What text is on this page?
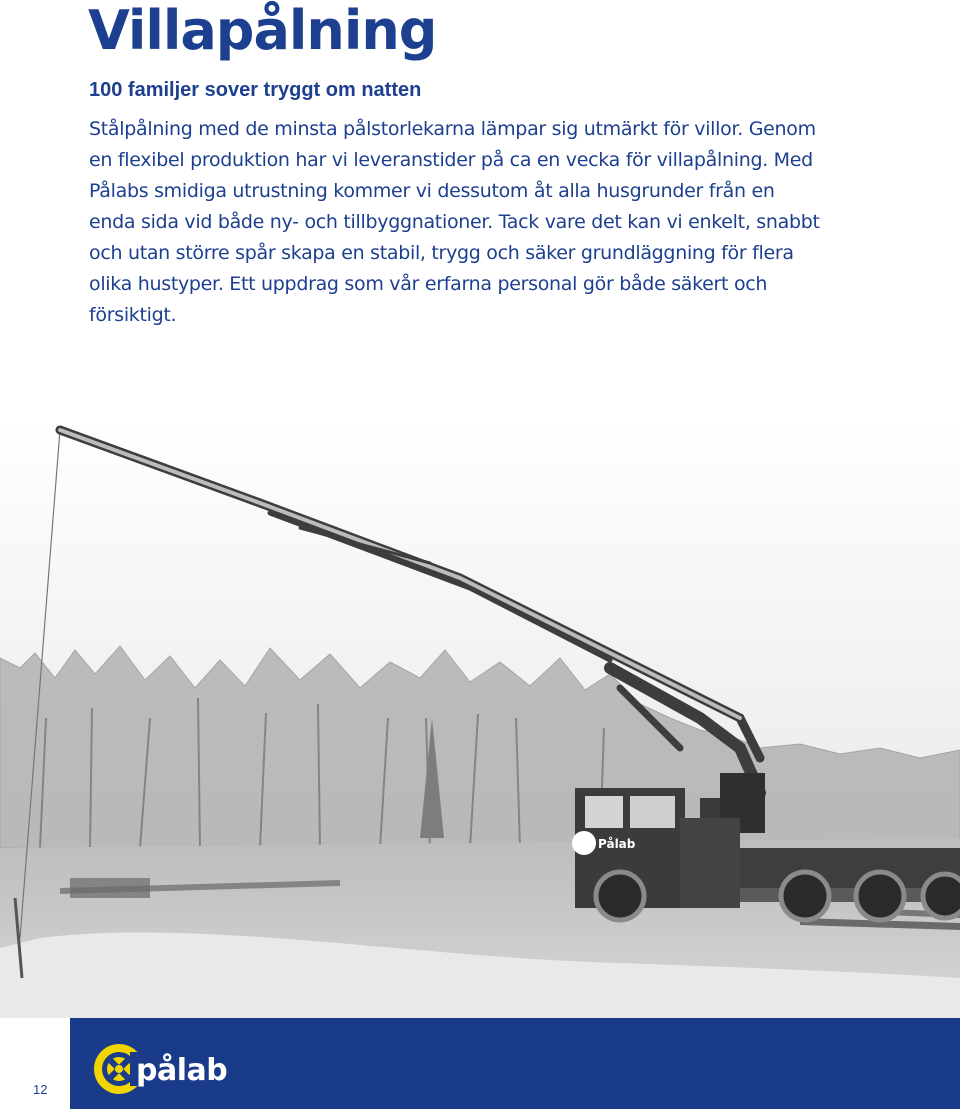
Villapålning
100 familjer sover tryggt om natten

Stålpålning med de minsta pålstorlekarna lämpar sig utmärkt för villor. Genom en flexibel produktion har vi leveranstider på ca en vecka för villapålning. Med Pålabs smidiga utrustning kommer vi dessutom åt alla husgrunder från en enda sida vid både ny- och tillbyggnationer. Tack vare det kan vi enkelt, snabbt och utan större spår skapa en stabil, trygg och säker grundläggning för flera olika hustyper. Ett uppdrag som vår erfarna personal gör både säkert och försiktigt.

Pålab
12
pålab
